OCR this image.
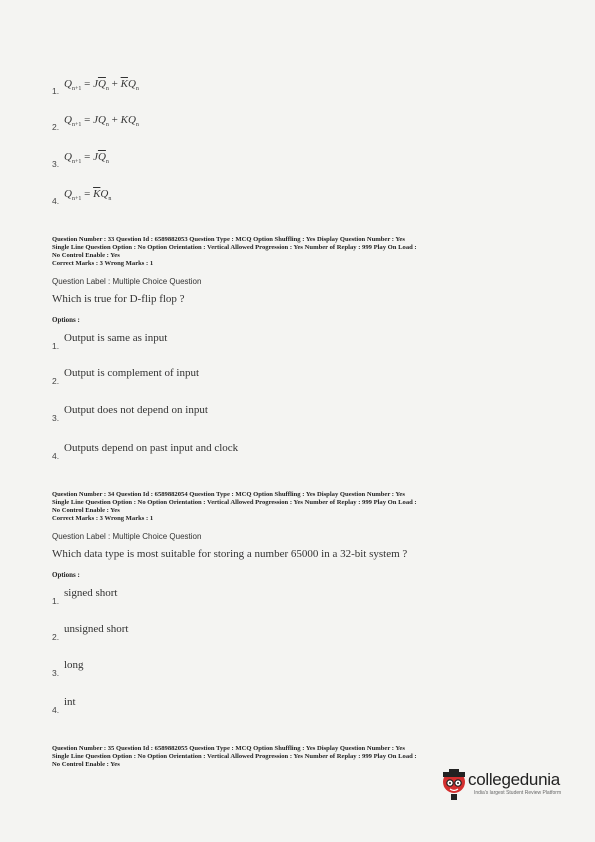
1.
$Q_{n+1} = J\overline{Q}_n + \overline{K}Q_n$
2.
$Q_{n+1} = JQ_n + KQ_n$
3.
$Q_{n+1} = J\overline{Q}_n$
4.
$Q_{n+1} = \overline{K}Q_n$
Question Number : 33 Question Id : 6589882053 Question Type : MCQ Option Shuffling : Yes Display Question Number : Yes
Single Line Question Option : No Option Orientation : Vertical Allowed Progression : Yes Number of Replay : 999 Play On Load :
No Control Enable : Yes
Correct Marks : 3 Wrong Marks : 1
Question Label : Multiple Choice Question
Which is true for D-flip flop ?
Options :
1.
Output is same as input
2.
Output is complement of input
3.
Output does not depend on input
4.
Outputs depend on past input and clock
Question Number : 34 Question Id : 6589882054 Question Type : MCQ Option Shuffling : Yes Display Question Number : Yes
Single Line Question Option : No Option Orientation : Vertical Allowed Progression : Yes Number of Replay : 999 Play On Load :
No Control Enable : Yes
Correct Marks : 3 Wrong Marks : 1
Question Label : Multiple Choice Question
Which data type is most suitable for storing a number 65000 in a 32-bit system ?
Options :
1.
signed short
2.
unsigned short
3.
long
4.
int
Question Number : 35 Question Id : 6589882055 Question Type : MCQ Option Shuffling : Yes Display Question Number : Yes
Single Line Question Option : No Option Orientation : Vertical Allowed Progression : Yes Number of Replay : 999 Play On Load :
No Control Enable : Yes
collegedunia
India's largest Student Review Platform
